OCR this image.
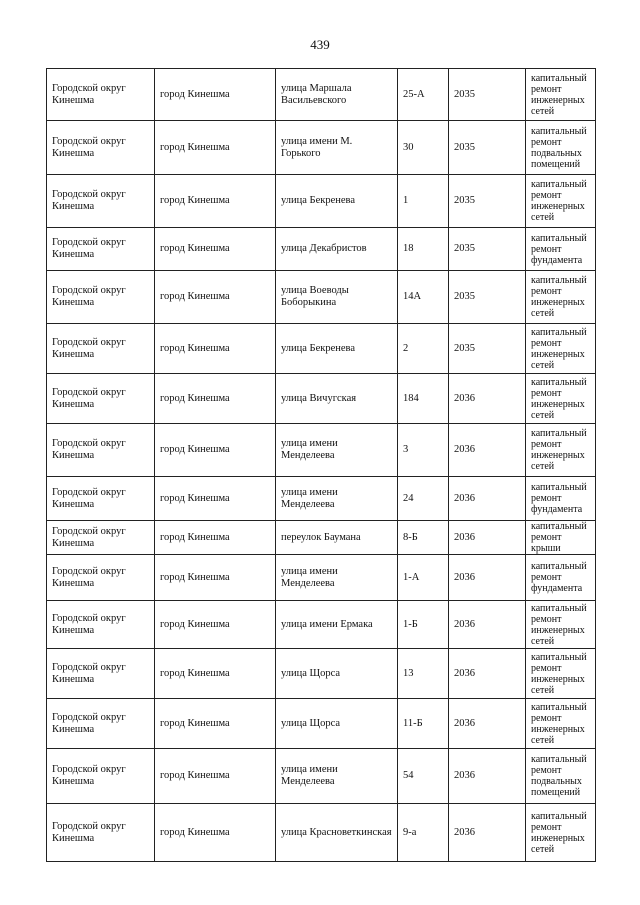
439
Городской округ Кинешма	город Кинешма	улица Маршала Васильевского	25-А	2035	капитальный ремонт инженерных сетей
Городской округ Кинешма	город Кинешма	улица имени М. Горького	30	2035	капитальный ремонт подвальных помещений
Городской округ Кинешма	город Кинешма	улица Бекренева	1	2035	капитальный ремонт инженерных сетей
Городской округ Кинешма	город Кинешма	улица Декабристов	18	2035	капитальный ремонт фундамента
Городской округ Кинешма	город Кинешма	улица Воеводы Боборыкина	14А	2035	капитальный ремонт инженерных сетей
Городской округ Кинешма	город Кинешма	улица Бекренева	2	2035	капитальный ремонт инженерных сетей
Городской округ Кинешма	город Кинешма	улица Вичугская	184	2036	капитальный ремонт инженерных сетей
Городской округ Кинешма	город Кинешма	улица имени Менделеева	3	2036	капитальный ремонт инженерных сетей
Городской округ Кинешма	город Кинешма	улица имени Менделеева	24	2036	капитальный ремонт фундамента
Городской округ Кинешма	город Кинешма	переулок Баумана	8-Б	2036	капитальный ремонт крыши
Городской округ Кинешма	город Кинешма	улица имени Менделеева	1-А	2036	капитальный ремонт фундамента
Городской округ Кинешма	город Кинешма	улица имени Ермака	1-Б	2036	капитальный ремонт инженерных сетей
Городской округ Кинешма	город Кинешма	улица Щорса	13	2036	капитальный ремонт инженерных сетей
Городской округ Кинешма	город Кинешма	улица Щорса	11-Б	2036	капитальный ремонт инженерных сетей
Городской округ Кинешма	город Кинешма	улица имени Менделеева	54	2036	капитальный ремонт подвальных помещений
Городской округ Кинешма	город Кинешма	улица Красноветкинская	9-а	2036	капитальный ремонт инженерных сетей
